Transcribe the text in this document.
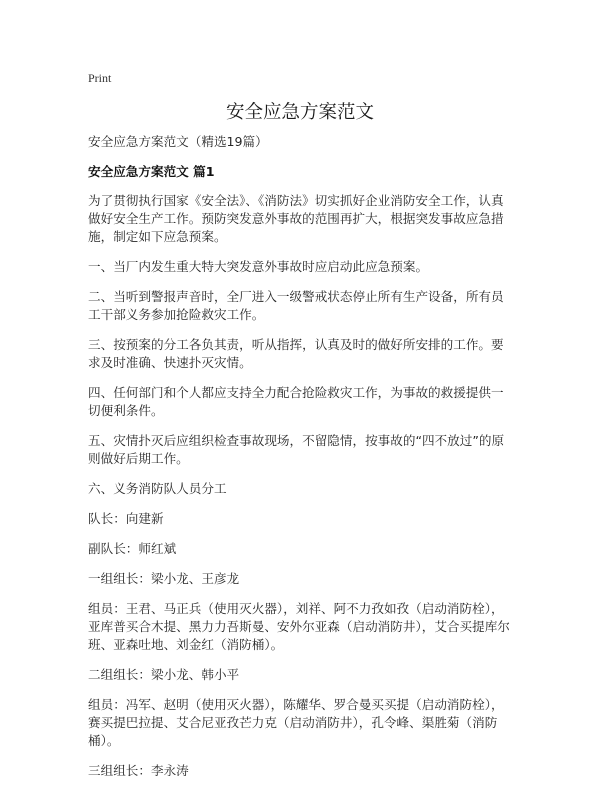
Print
安全应急方案范文

安全应急方案范文（精选19篇）

安全应急方案范文 篇1

为了贯彻执行国家《安全法》、《消防法》切实抓好企业消防安全工作，认真做好安全生产工作。预防突发意外事故的范围再扩大，根据突发事故应急措施，制定如下应急预案。

一、当厂内发生重大特大突发意外事故时应启动此应急预案。

二、当听到警报声音时，全厂进入一级警戒状态停止所有生产设备，所有员工干部义务参加抢险救灾工作。

三、按预案的分工各负其责，听从指挥，认真及时的做好所安排的工作。要求及时准确、快速扑灭灾情。

四、任何部门和个人都应支持全力配合抢险救灾工作，为事故的救援提供一切便利条件。

五、灾情扑灭后应组织检查事故现场，不留隐情，按事故的“四不放过”的原则做好后期工作。

六、义务消防队人员分工

队长：向建新

副队长：师红斌

一组组长：梁小龙、王彦龙

组员：王君、马正兵（使用灭火器），刘祥、阿不力孜如孜（启动消防栓），亚库普买合木提、黑力力吾斯曼、安外尔亚森（启动消防井），艾合买提库尔班、亚森吐地、刘金红（消防桶）。

二组组长：梁小龙、韩小平

组员：冯军、赵明（使用灭火器），陈耀华、罗合曼买买提（启动消防栓），赛买提巴拉提、艾合尼亚孜芒力克（启动消防井），孔令峰、渠胜菊（消防桶）。

三组组长：李永涛
